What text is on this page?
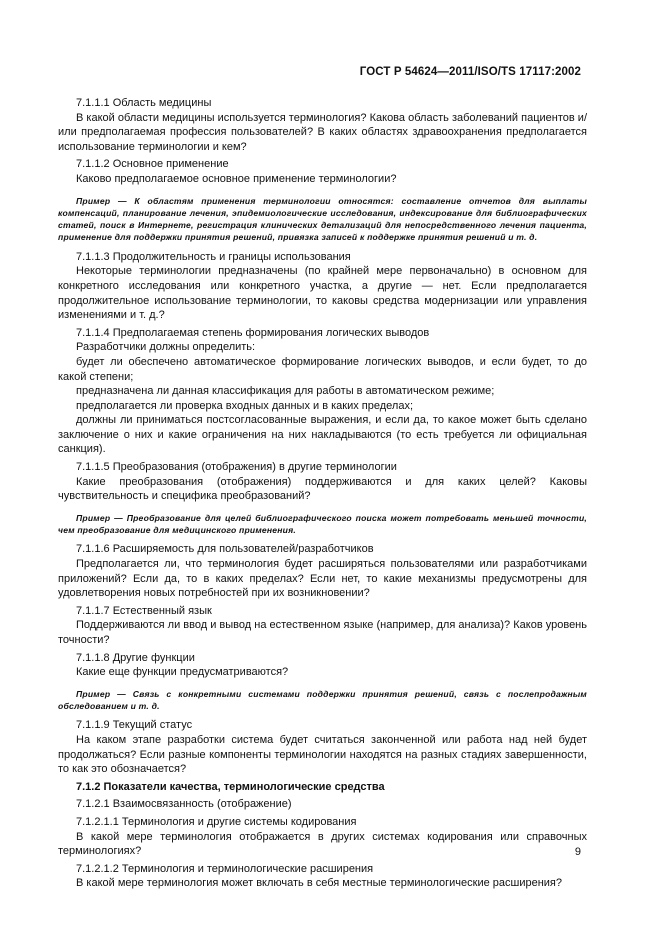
ГОСТ Р 54624—2011/ISO/TS 17117:2002

7.1.1.1 Область медицины

В какой области медицины используется терминология? Какова область заболеваний пациентов и/или предполагаемая профессия пользователей? В каких областях здравоохранения предполагается использование терминологии и кем?

7.1.1.2 Основное применение

Каково предполагаемое основное применение терминологии?

Пример — К областям применения терминологии относятся: составление отчетов для выплаты компенсаций, планирование лечения, эпидемиологические исследования, индексирование для библиографических статей, поиск в Интернете, регистрация клинических детализаций для непосредственного лечения пациента, применение для поддержки принятия решений, привязка записей к поддержке принятия решений и т. д.

7.1.1.3 Продолжительность и границы использования

Некоторые терминологии предназначены (по крайней мере первоначально) в основном для конкретного исследования или конкретного участка, а другие — нет. Если предполагается продолжительное использование терминологии, то каковы средства модернизации или управления изменениями и т. д.?

7.1.1.4 Предполагаемая степень формирования логических выводов

Разработчики должны определить:

будет ли обеспечено автоматическое формирование логических выводов, и если будет, то до какой степени;

предназначена ли данная классификация для работы в автоматическом режиме;

предполагается ли проверка входных данных и в каких пределах;

должны ли приниматься постсогласованные выражения, и если да, то какое может быть сделано заключение о них и какие ограничения на них накладываются (то есть требуется ли официальная санкция).

7.1.1.5 Преобразования (отображения) в другие терминологии

Какие преобразования (отображения) поддерживаются и для каких целей? Каковы чувствительность и специфика преобразований?

Пример — Преобразование для целей библиографического поиска может потребовать меньшей точности, чем преобразование для медицинского применения.

7.1.1.6 Расширяемость для пользователей/разработчиков

Предполагается ли, что терминология будет расширяться пользователями или разработчиками приложений? Если да, то в каких пределах? Если нет, то какие механизмы предусмотрены для удовлетворения новых потребностей при их возникновении?

7.1.1.7 Естественный язык

Поддерживаются ли ввод и вывод на естественном языке (например, для анализа)? Каков уровень точности?

7.1.1.8 Другие функции

Какие еще функции предусматриваются?

Пример — Связь с конкретными системами поддержки принятия решений, связь с послепродажным обследованием и т. д.

7.1.1.9 Текущий статус

На каком этапе разработки система будет считаться законченной или работа над ней будет продолжаться? Если разные компоненты терминологии находятся на разных стадиях завершенности, то как это обозначается?

7.1.2 Показатели качества, терминологические средства

7.1.2.1 Взаимосвязанность (отображение)

7.1.2.1.1 Терминология и другие системы кодирования

В какой мере терминология отображается в других системах кодирования или справочных терминологиях?

7.1.2.1.2 Терминология и терминологические расширения

В какой мере терминология может включать в себя местные терминологические расширения?

9
